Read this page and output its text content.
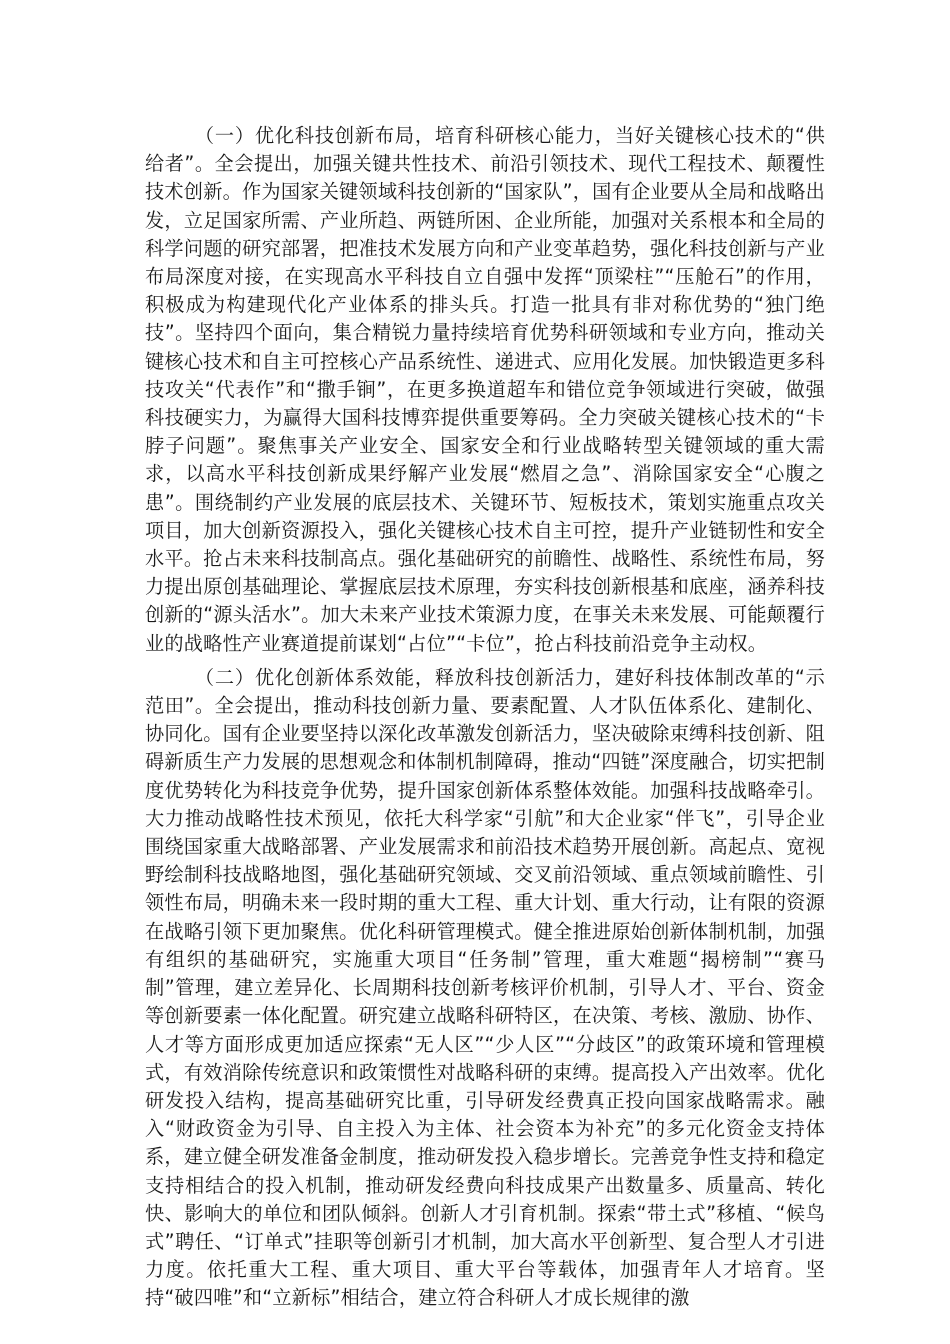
（一）优化科技创新布局，培育科研核心能力，当好关键核心技术的“供给者”。全会提出，加强关键共性技术、前沿引领技术、现代工程技术、颠覆性技术创新。作为国家关键领域科技创新的“国家队”，国有企业要从全局和战略出发，立足国家所需、产业所趋、两链所困、企业所能，加强对关系根本和全局的科学问题的研究部署，把准技术发展方向和产业变革趋势，强化科技创新与产业布局深度对接，在实现高水平科技自立自强中发挥“顶梁柱”“压舱石”的作用，积极成为构建现代化产业体系的排头兵。打造一批具有非对称优势的“独门绝技”。坚持四个面向，集合精锐力量持续培育优势科研领域和专业方向，推动关键核心技术和自主可控核心产品系统性、递进式、应用化发展。加快锻造更多科技攻关“代表作”和“撒手锏”，在更多换道超车和错位竞争领域进行突破，做强科技硬实力，为赢得大国科技博弈提供重要筹码。全力突破关键核心技术的“卡脖子问题”。聚焦事关产业安全、国家安全和行业战略转型关键领域的重大需求，以高水平科技创新成果纾解产业发展“燃眉之急”、消除国家安全“心腹之患”。围绕制约产业发展的底层技术、关键环节、短板技术，策划实施重点攻关项目，加大创新资源投入，强化关键核心技术自主可控，提升产业链韧性和安全水平。抢占未来科技制高点。强化基础研究的前瞻性、战略性、系统性布局，努力提出原创基础理论、掌握底层技术原理，夯实科技创新根基和底座，涵养科技创新的“源头活水”。加大未来产业技术策源力度，在事关未来发展、可能颠覆行业的战略性产业赛道提前谋划“占位”“卡位”，抢占科技前沿竞争主动权。

（二）优化创新体系效能，释放科技创新活力，建好科技体制改革的“示范田”。全会提出，推动科技创新力量、要素配置、人才队伍体系化、建制化、协同化。国有企业要坚持以深化改革激发创新活力，坚决破除束缚科技创新、阻碍新质生产力发展的思想观念和体制机制障碍，推动“四链”深度融合，切实把制度优势转化为科技竞争优势，提升国家创新体系整体效能。加强科技战略牵引。大力推动战略性技术预见，依托大科学家“引航”和大企业家“伴飞”，引导企业围绕国家重大战略部署、产业发展需求和前沿技术趋势开展创新。高起点、宽视野绘制科技战略地图，强化基础研究领域、交叉前沿领域、重点领域前瞻性、引领性布局，明确未来一段时期的重大工程、重大计划、重大行动，让有限的资源在战略引领下更加聚焦。优化科研管理模式。健全推进原始创新体制机制，加强有组织的基础研究，实施重大项目“任务制”管理，重大难题“揭榜制”“赛马制”管理，建立差异化、长周期科技创新考核评价机制，引导人才、平台、资金等创新要素一体化配置。研究建立战略科研特区，在决策、考核、激励、协作、人才等方面形成更加适应探索“无人区”“少人区”“分歧区”的政策环境和管理模式，有效消除传统意识和政策惯性对战略科研的束缚。提高投入产出效率。优化研发投入结构，提高基础研究比重，引导研发经费真正投向国家战略需求。融入“财政资金为引导、自主投入为主体、社会资本为补充”的多元化资金支持体系，建立健全研发准备金制度，推动研发投入稳步增长。完善竞争性支持和稳定支持相结合的投入机制，推动研发经费向科技成果产出数量多、质量高、转化快、影响大的单位和团队倾斜。创新人才引育机制。探索“带土式”移植、“候鸟式”聘任、“订单式”挂职等创新引才机制，加大高水平创新型、复合型人才引进力度。依托重大工程、重大项目、重大平台等载体，加强青年人才培育。坚持“破四唯”和“立新标”相结合，建立符合科研人才成长规律的激
